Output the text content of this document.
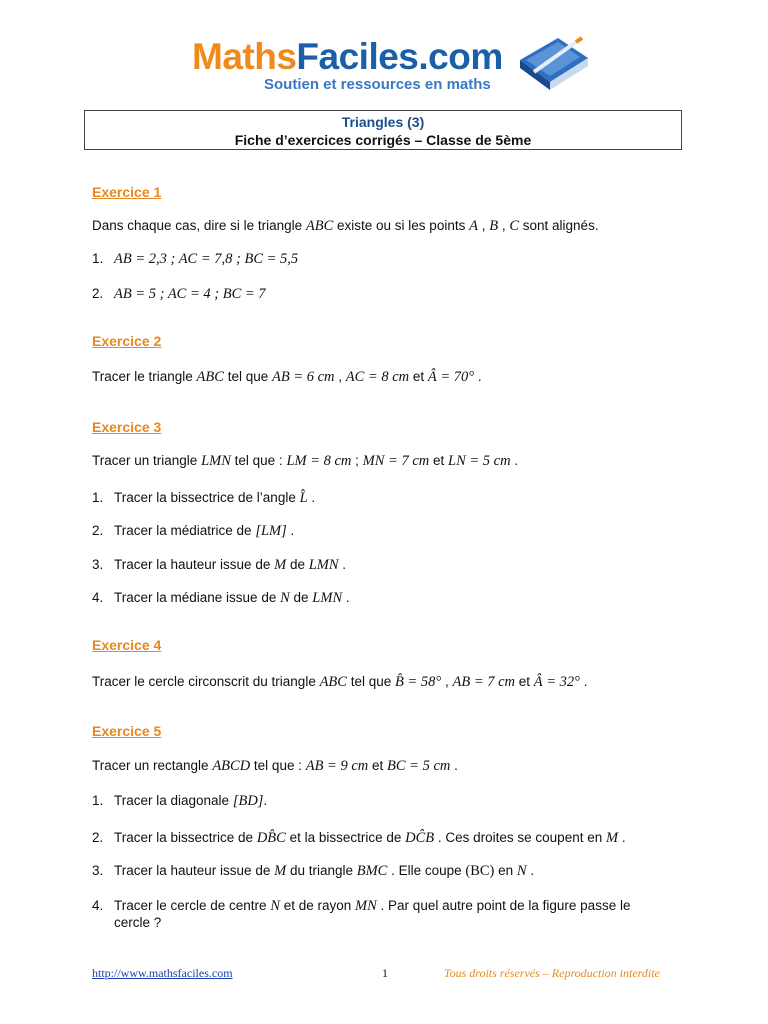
MathsFaciles.com
Soutien et ressources en maths
Triangles (3)
Fiche d’exercices corrigés – Classe de 5ème
Exercice 1
Dans chaque cas, dire si le triangle ABC existe ou si les points A , B , C sont alignés.
1. AB = 2,3 ; AC = 7,8 ; BC = 5,5
2. AB = 5 ; AC = 4 ; BC = 7
Exercice 2
Tracer le triangle ABC tel que AB = 6 cm , AC = 8 cm et Â = 70° .
Exercice 3
Tracer un triangle LMN tel que : LM = 8 cm ; MN = 7 cm et LN = 5 cm .
1. Tracer la bissectrice de l’angle L̂ .
2. Tracer la médiatrice de [LM] .
3. Tracer la hauteur issue de M de LMN .
4. Tracer la médiane issue de N de LMN .
Exercice 4
Tracer le cercle circonscrit du triangle ABC tel que B̂ = 58° , AB = 7 cm et Â = 32° .
Exercice 5
Tracer un rectangle ABCD tel que : AB = 9 cm et BC = 5 cm .
1. Tracer la diagonale [BD].
2. Tracer la bissectrice de DB̂C et la bissectrice de DĈB . Ces droites se coupent en M .
3. Tracer la hauteur issue de M du triangle BMC . Elle coupe (BC) en N .
4. Tracer le cercle de centre N et de rayon MN . Par quel autre point de la figure passe le
cercle ?
http://www.mathsfaciles.com	1	Tous droits réservés – Reproduction interdite
